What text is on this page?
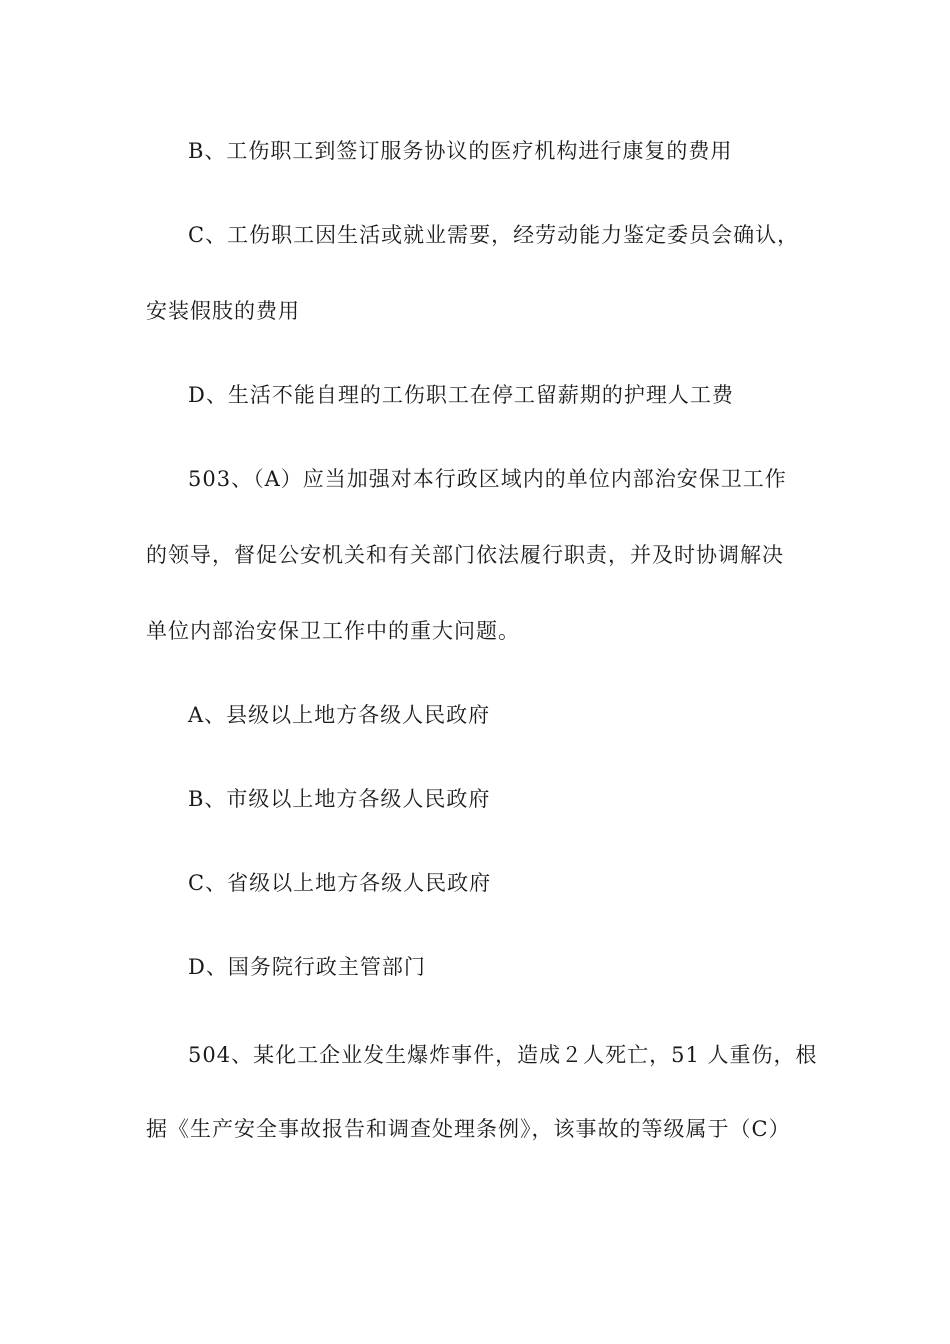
B、工伤职工到签订服务协议的医疗机构进行康复的费用
C、工伤职工因生活或就业需要，经劳动能力鉴定委员会确认，
安装假肢的费用
D、生活不能自理的工伤职工在停工留薪期的护理人工费
503、（A）应当加强对本行政区域内的单位内部治安保卫工作
的领导，督促公安机关和有关部门依法履行职责，并及时协调解决
单位内部治安保卫工作中的重大问题。
A、县级以上地方各级人民政府
B、市级以上地方各级人民政府
C、省级以上地方各级人民政府
D、国务院行政主管部门
504、某化工企业发生爆炸事件，造成２人死亡，51 人重伤，根
据《生产安全事故报告和调查处理条例》，该事故的等级属于（C）
